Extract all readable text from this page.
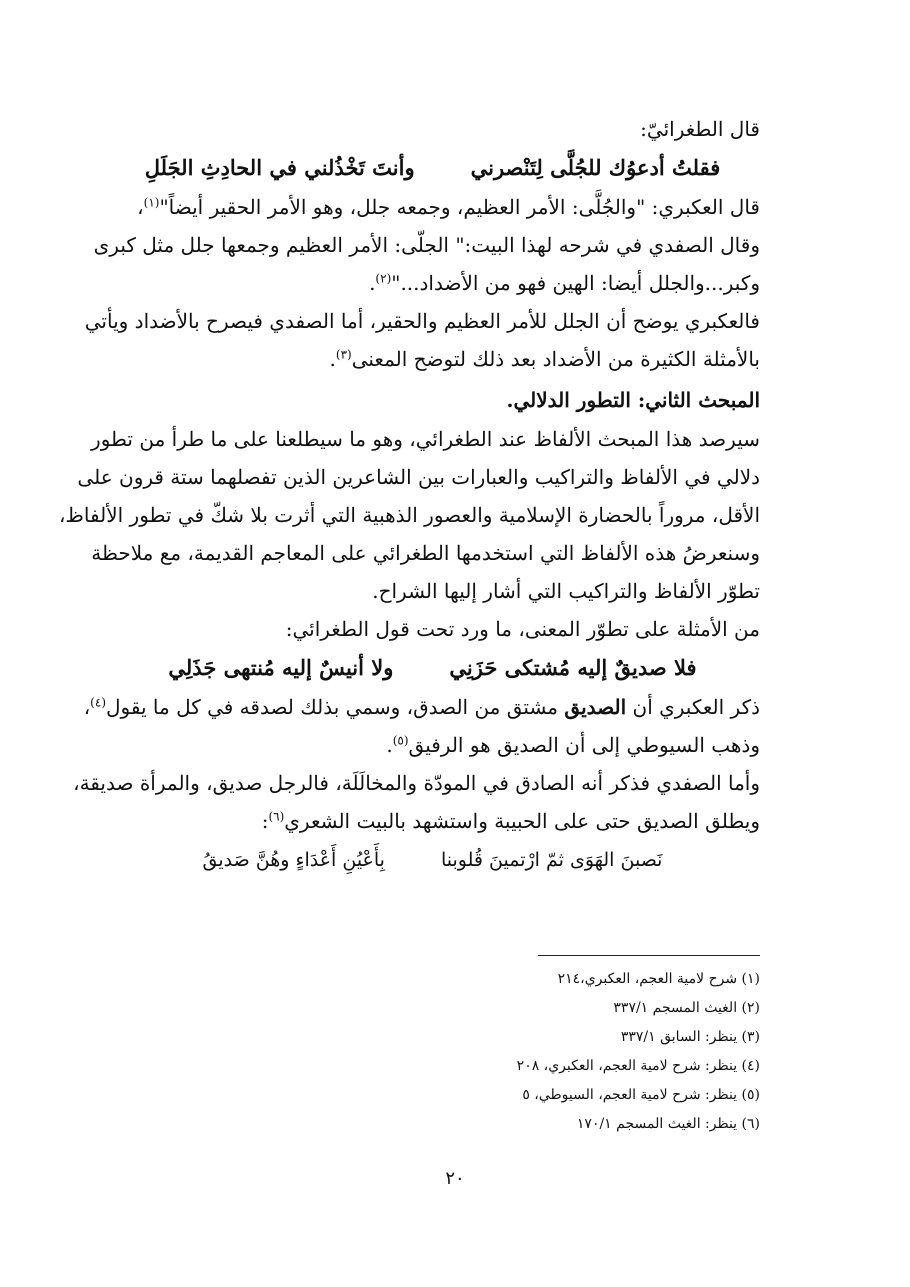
قال الطغرائيّ:
فقلتُ أدعوُك للجُلَّى لِتَنْصرني
وأنتَ تَخْذُلني في الحادِثِ الجَلَلِ
قال العكبري: "والجُلَّى: الأمر العظيم، وجمعه جلل، وهو الأمر الحقير أيضاً"$^{(١)}$،
وقال الصفدي في شرحه لهذا البيت:" الجلّى: الأمر العظيم وجمعها جلل مثل كبرى
وكبر...والجلل أيضا: الهين فهو من الأضداد..."$^{(٢)}$.
فالعكبري يوضح أن الجلل للأمر العظيم والحقير، أما الصفدي فيصرح بالأضداد ويأتي
بالأمثلة الكثيرة من الأضداد بعد ذلك لتوضح المعنى$^{(٣)}$.
المبحث الثاني: التطور الدلالي.
سيرصد هذا المبحث الألفاظ عند الطغرائي، وهو ما سيطلعنا على ما طرأ من تطور
دلالي في الألفاظ والتراكيب والعبارات بين الشاعرين الذين تفصلهما ستة قرون على
الأقل، مروراً بالحضارة الإسلامية والعصور الذهبية التي أثرت بلا شكّ في تطور الألفاظ،
وسنعرضُ هذه الألفاظ التي استخدمها الطغرائي على المعاجم القديمة، مع ملاحظة
تطوّر الألفاظ والتراكيب التي أشار إليها الشراح.
من الأمثلة على تطوّر المعنى، ما ورد تحت قول الطغرائي:
فلا صديقٌ إليه مُشتكى حَزَنِي
ولا أنيسٌ إليه مُنتهى جَذَلِي
ذكر العكبري أن الصديق مشتق من الصدق، وسمي بذلك لصدقه في كل ما يقول$^{(٤)}$،
وذهب السيوطي إلى أن الصديق هو الرفيق$^{(٥)}$.
وأما الصفدي فذكر أنه الصادق في المودّة والمخالَلَة، فالرجل صديق، والمرأة صديقة،
ويطلق الصديق حتى على الحبيبة واستشهد بالبيت الشعري$^{(٦)}$:
نَصبنَ الهَوَى ثمّ ارْتمينَ قُلوبنا
بِأَعْيُنِ أَعْدَاءٍ وهُنَّ صَديقُ
(١) شرح لامية العجم، العكبري،٢١٤
(٢) الغيث المسجم ٣٣٧/١
(٣) ينظر: السابق ٣٣٧/١
(٤) ينظر: شرح لامية العجم، العكبري، ٢٠٨
(٥) ينظر: شرح لامية العجم، السيوطي، ٥
(٦) ينظر: الغيث المسجم ١٧٠/١
٢٠
